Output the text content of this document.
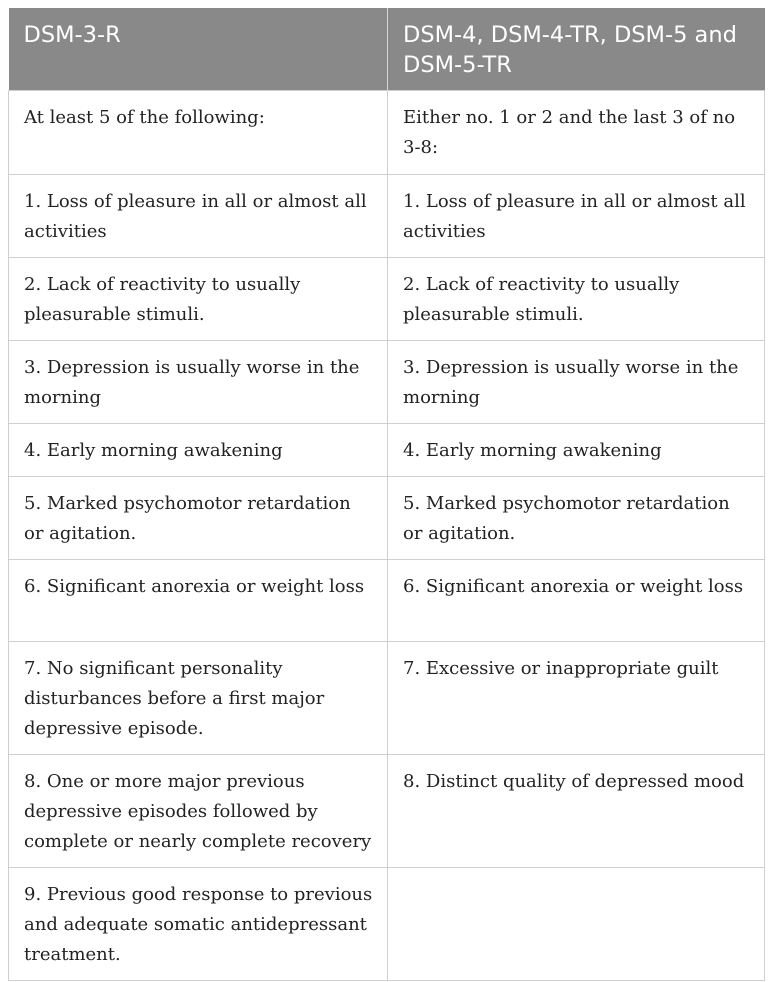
DSM-3-R	DSM-4, DSM-4-TR, DSM-5 and DSM-5-TR
At least 5 of the following:	Either no. 1 or 2 and the last 3 of no 3-8:
1. Loss of pleasure in all or almost all activities	1. Loss of pleasure in all or almost all activities
2. Lack of reactivity to usually pleasurable stimuli.	2. Lack of reactivity to usually pleasurable stimuli.
3. Depression is usually worse in the morning	3. Depression is usually worse in the morning
4. Early morning awakening	4. Early morning awakening
5. Marked psychomotor retardation or agitation.	5. Marked psychomotor retardation or agitation.
6. Significant anorexia or weight loss	6. Significant anorexia or weight loss
7. No significant personality disturbances before a first major depressive episode.	7. Excessive or inappropriate guilt
8. One or more major previous depressive episodes followed by complete or nearly complete recovery	8. Distinct quality of depressed mood
9. Previous good response to previous and adequate somatic antidepressant treatment.	
